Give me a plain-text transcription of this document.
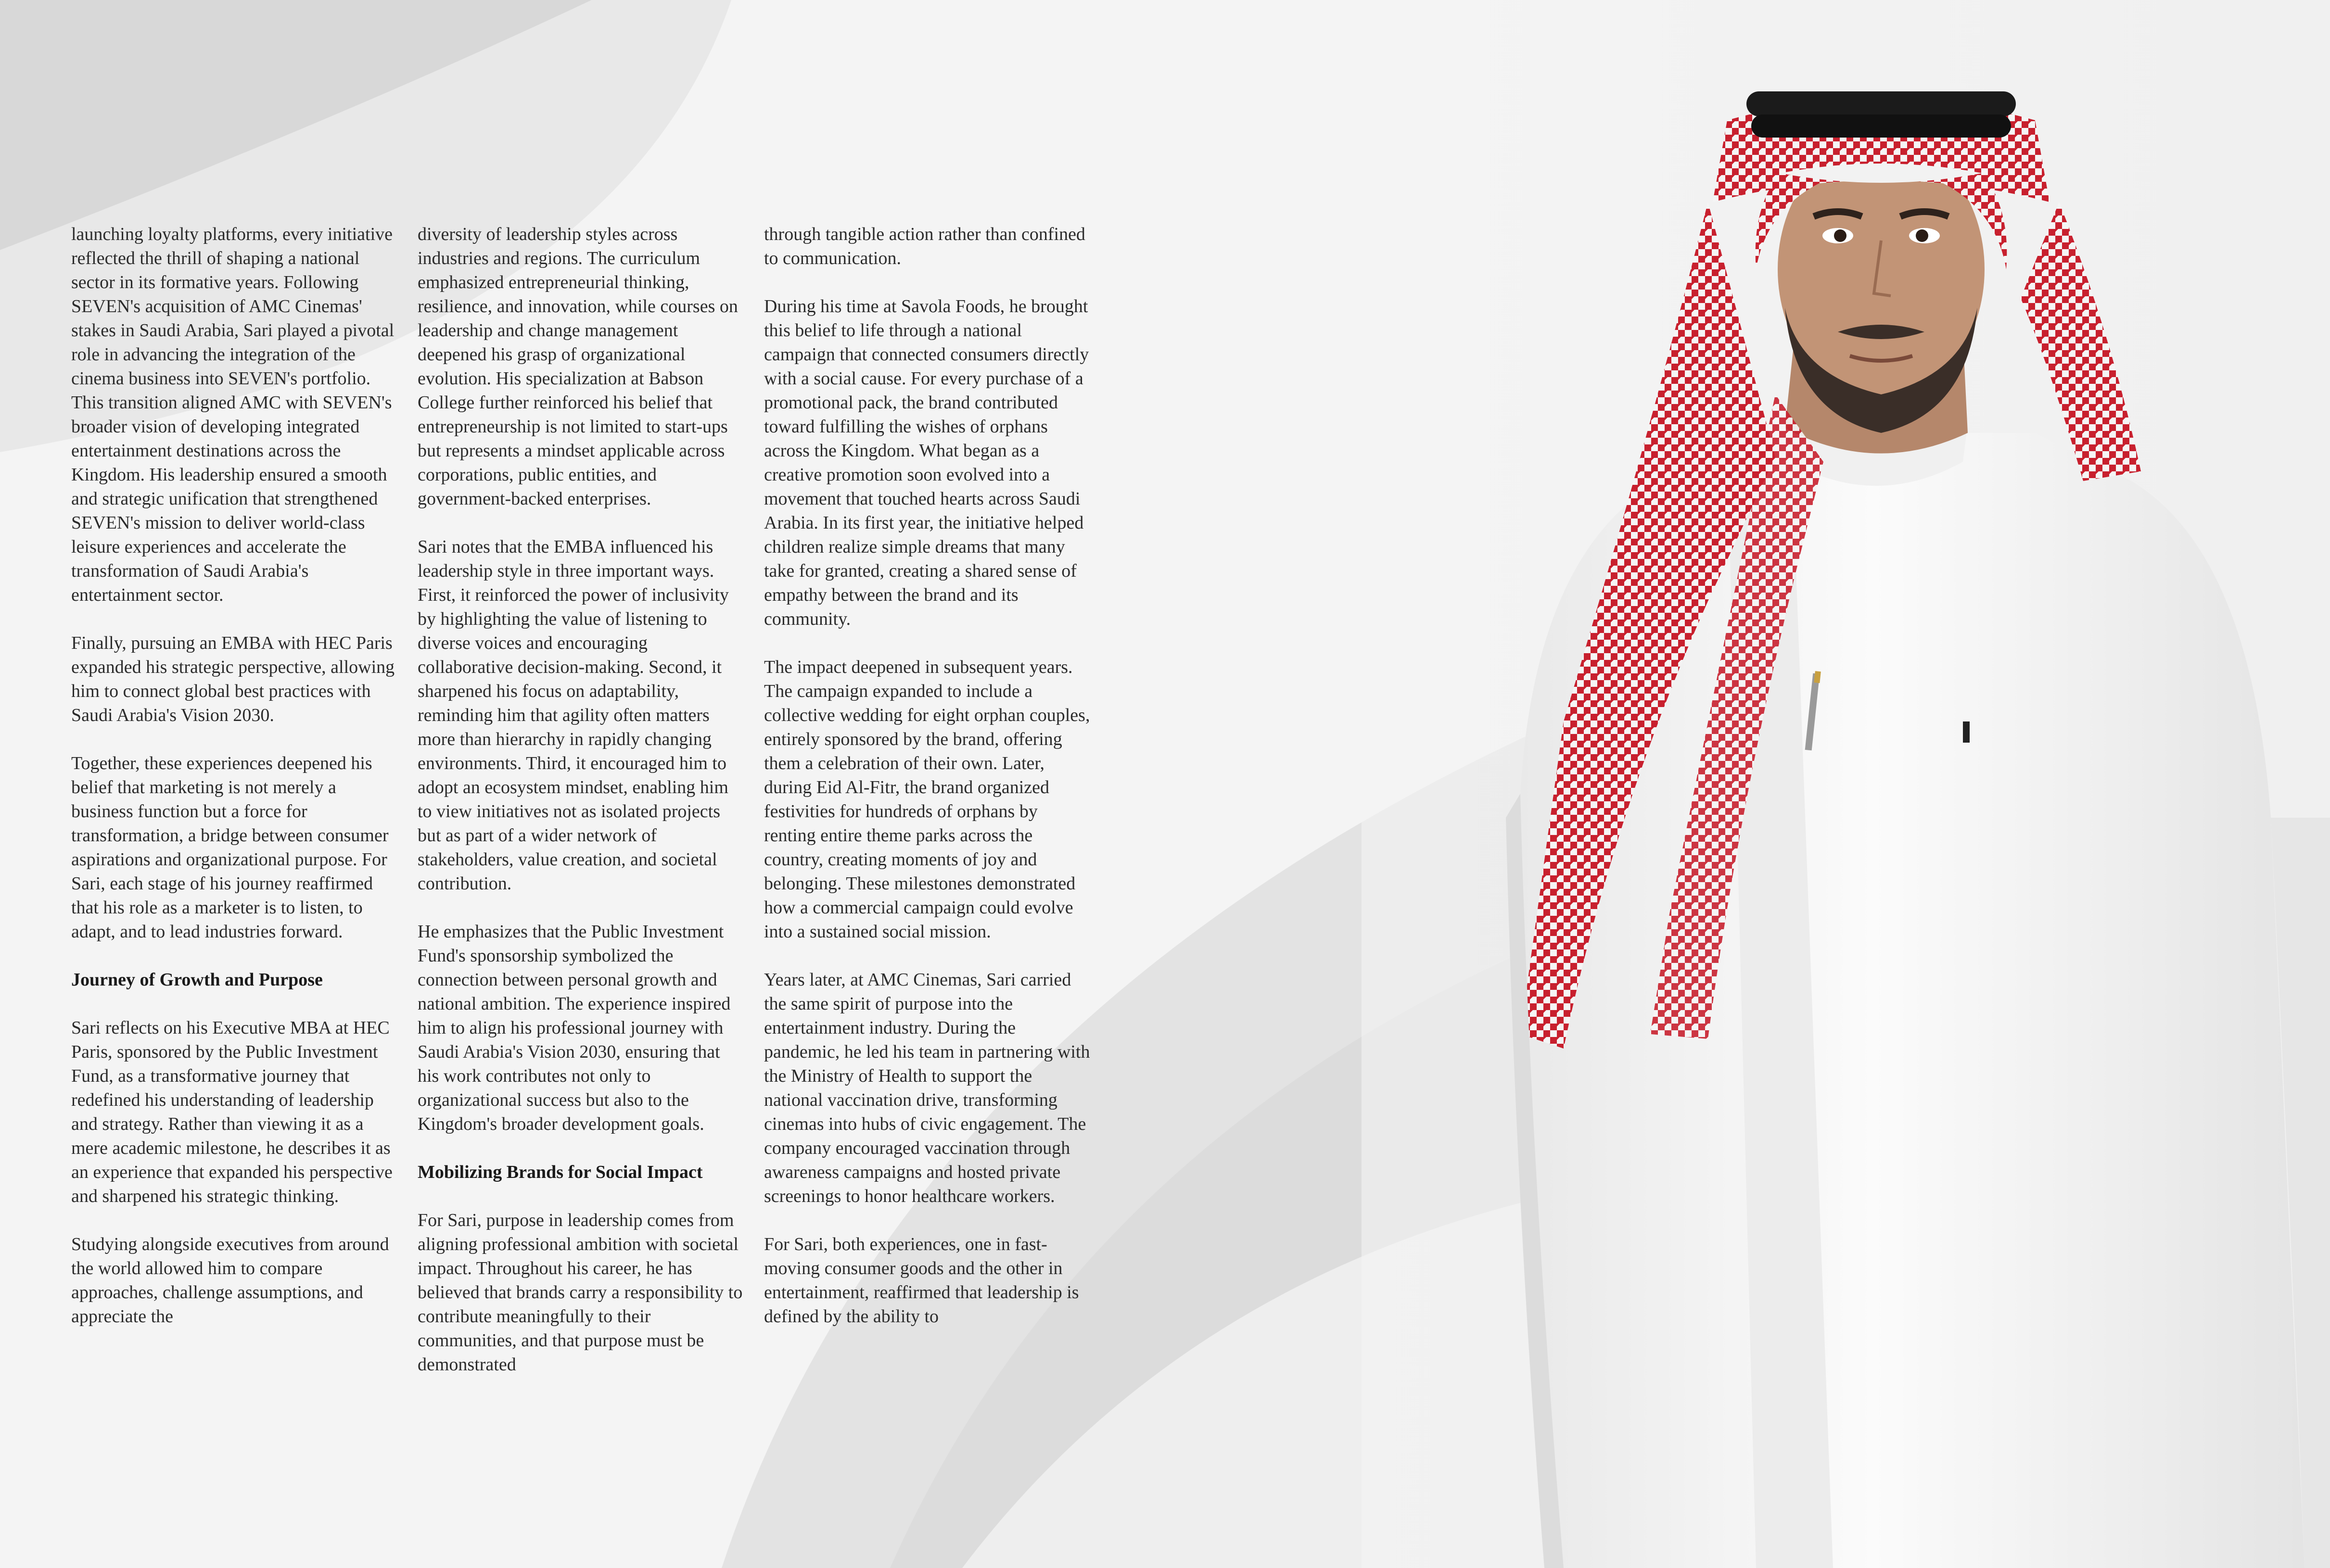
launching loyalty platforms, every initiative reflected the thrill of shaping a national sector in its formative years. Following SEVEN's acquisition of AMC Cinemas' stakes in Saudi Arabia, Sari played a pivotal role in advancing the integration of the cinema business into SEVEN's portfolio. This transition aligned AMC with SEVEN's broader vision of developing integrated entertainment destinations across the Kingdom. His leadership ensured a smooth and strategic unification that strengthened SEVEN's mission to deliver world-class leisure experiences and accelerate the transformation of Saudi Arabia's entertainment sector.

Finally, pursuing an EMBA with HEC Paris expanded his strategic perspective, allowing him to connect global best practices with Saudi Arabia's Vision 2030.

Together, these experiences deepened his belief that marketing is not merely a business function but a force for transformation, a bridge between consumer aspirations and organizational purpose. For Sari, each stage of his journey reaffirmed that his role as a marketer is to listen, to adapt, and to lead industries forward.

Journey of Growth and Purpose

Sari reflects on his Executive MBA at HEC Paris, sponsored by the Public Investment Fund, as a transformative journey that redefined his understanding of leadership and strategy. Rather than viewing it as a mere academic milestone, he describes it as an experience that expanded his perspective and sharpened his strategic thinking.

Studying alongside executives from around the world allowed him to compare approaches, challenge assumptions, and appreciate the

diversity of leadership styles across industries and regions. The curriculum emphasized entrepreneurial thinking, resilience, and innovation, while courses on leadership and change management deepened his grasp of organizational evolution. His specialization at Babson College further reinforced his belief that entrepreneurship is not limited to start-ups but represents a mindset applicable across corporations, public entities, and government-backed enterprises.

Sari notes that the EMBA influenced his leadership style in three important ways. First, it reinforced the power of inclusivity by highlighting the value of listening to diverse voices and encouraging collaborative decision-making. Second, it sharpened his focus on adaptability, reminding him that agility often matters more than hierarchy in rapidly changing environments. Third, it encouraged him to adopt an ecosystem mindset, enabling him to view initiatives not as isolated projects but as part of a wider network of stakeholders, value creation, and societal contribution.

He emphasizes that the Public Investment Fund's sponsorship symbolized the connection between personal growth and national ambition. The experience inspired him to align his professional journey with Saudi Arabia's Vision 2030, ensuring that his work contributes not only to organizational success but also to the Kingdom's broader development goals.

Mobilizing Brands for Social Impact

For Sari, purpose in leadership comes from aligning professional ambition with societal impact. Throughout his career, he has believed that brands carry a responsibility to contribute meaningfully to their communities, and that purpose must be demonstrated

through tangible action rather than confined to communication.

During his time at Savola Foods, he brought this belief to life through a national campaign that connected consumers directly with a social cause. For every purchase of a promotional pack, the brand contributed toward fulfilling the wishes of orphans across the Kingdom. What began as a creative promotion soon evolved into a movement that touched hearts across Saudi Arabia. In its first year, the initiative helped children realize simple dreams that many take for granted, creating a shared sense of empathy between the brand and its community.

The impact deepened in subsequent years. The campaign expanded to include a collective wedding for eight orphan couples, entirely sponsored by the brand, offering them a celebration of their own. Later, during Eid Al-Fitr, the brand organized festivities for hundreds of orphans by renting entire theme parks across the country, creating moments of joy and belonging. These milestones demonstrated how a commercial campaign could evolve into a sustained social mission.

Years later, at AMC Cinemas, Sari carried the same spirit of purpose into the entertainment industry. During the pandemic, he led his team in partnering with the Ministry of Health to support the national vaccination drive, transforming cinemas into hubs of civic engagement. The company encouraged vaccination through awareness campaigns and hosted private screenings to honor healthcare workers.

For Sari, both experiences, one in fast-moving consumer goods and the other in entertainment, reaffirmed that leadership is defined by the ability to
